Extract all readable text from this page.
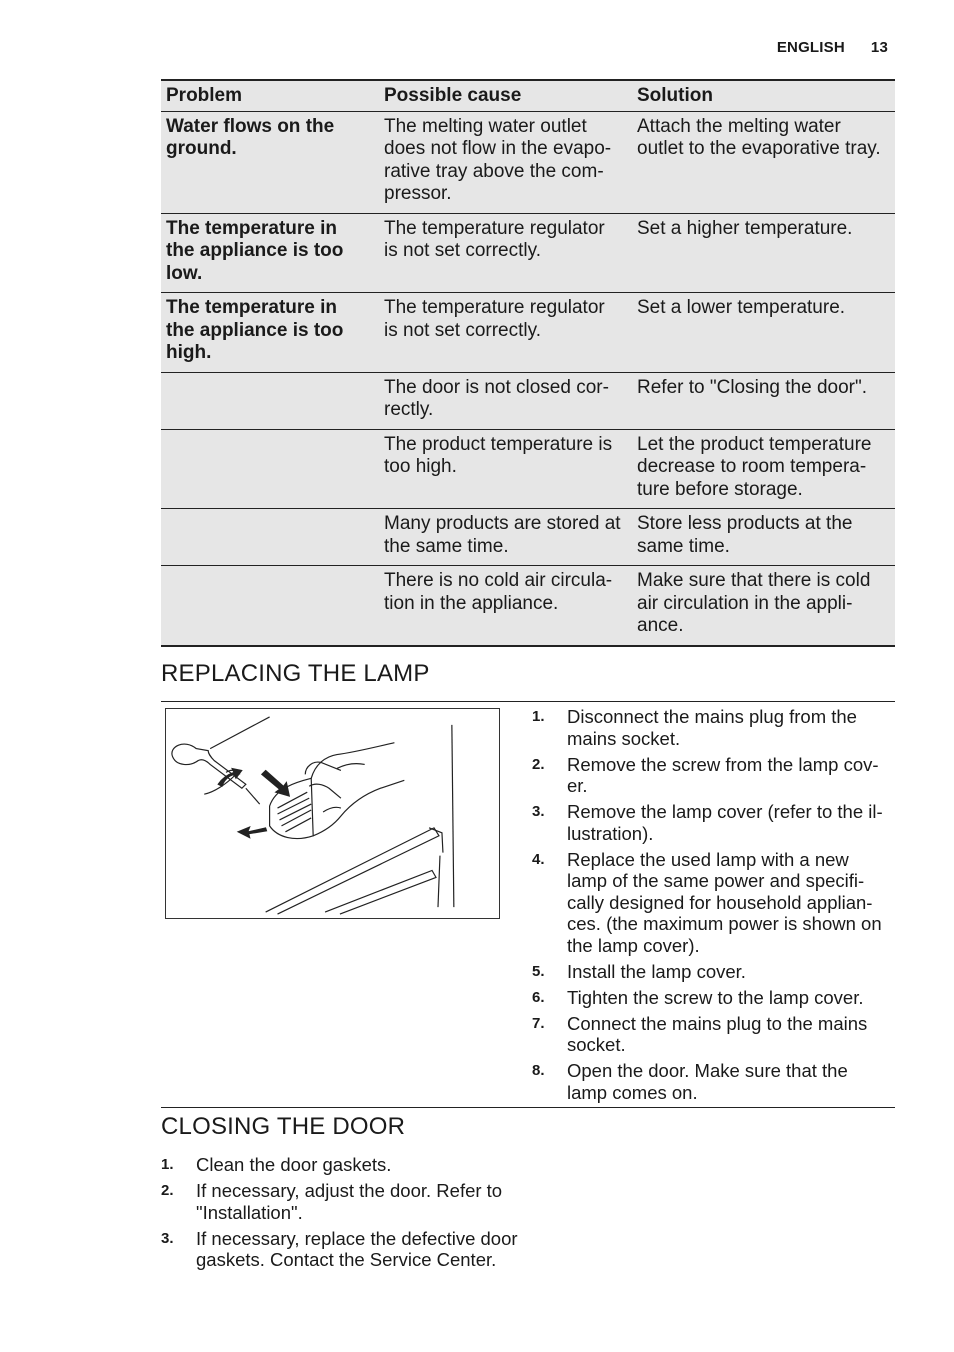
ENGLISH 13
Problem	Possible cause	Solution
Water flows on the ground.	The melting water outlet does not flow in the evapo-rative tray above the com-pressor.	Attach the melting water outlet to the evaporative tray.
The temperature in the appliance is too low.	The temperature regulator is not set correctly.	Set a higher temperature.
The temperature in the appliance is too high.	The temperature regulator is not set correctly.	Set a lower temperature.
	The door is not closed cor-rectly.	Refer to "Closing the door".
	The product temperature is too high.	Let the product temperature decrease to room tempera-ture before storage.
	Many products are stored at the same time.	Store less products at the same time.
	There is no cold air circula-tion in the appliance.	Make sure that there is cold air circulation in the appli-ance.
REPLACING THE LAMP
1. Disconnect the mains plug from the mains socket.
2. Remove the screw from the lamp cov-er.
3. Remove the lamp cover (refer to the il-lustration).
4. Replace the used lamp with a new lamp of the same power and specifi-cally designed for household applian-ces. (the maximum power is shown on the lamp cover).
5. Install the lamp cover.
6. Tighten the screw to the lamp cover.
7. Connect the mains plug to the mains socket.
8. Open the door. Make sure that the lamp comes on.
CLOSING THE DOOR
1. Clean the door gaskets.
2. If necessary, adjust the door. Refer to "Installation".
3. If necessary, replace the defective door gaskets. Contact the Service Center.
